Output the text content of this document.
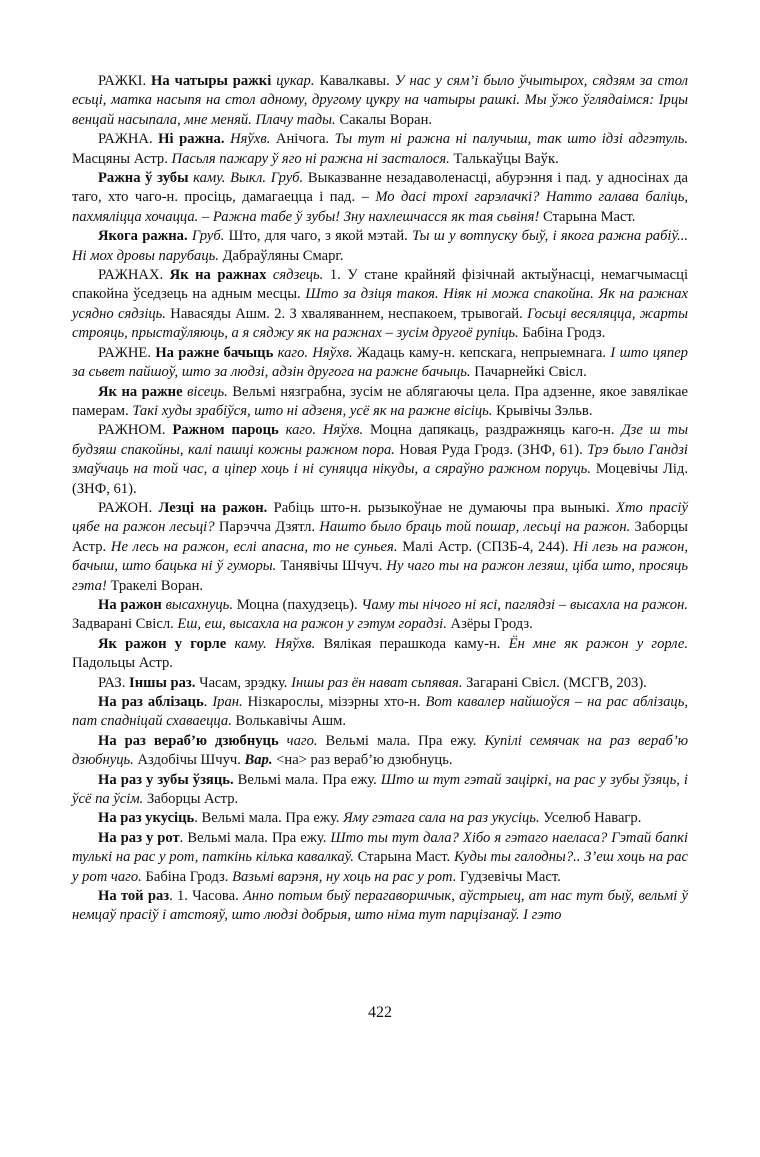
РАЖКІ. На чатыры ражкі цукар. Кавалкавы. У нас у сям’і было ўчытырох, сядзям за стол есьці, матка насыпя на стол адному, другому цукру на чатыры рашкі. Мы ўжо ўглядаімся: Ірцы венцай насыпала, мне меняй. Плачу тады. Сакалы Воран.

РАЖНА. Ні ражна. Няўхв. Анічога. Ты тут ні ражна ні палучыш, так што ідзі адгэтуль. Масцяны Астр. Пасьля пажару ў яго ні ражна ні засталося. Талькаўцы Ваўк.

Ражна ў зубы каму. Выкл. Груб. Выказванне незадаволенасці, абурэння і пад. у адносінах да таго, хто чаго-н. просіць, дамагаецца і пад. – Мо дасі трохі гарэлачкі? Натто галава баліць, пахмяліцца хочацца. – Ражна табе ў зубы! Зну нахлешчасся як тая сьвіня! Старына Маст.

Якога ражна. Груб. Што, для чаго, з якой мэтай. Ты ш у вотпуску быў, і якога ражна рабіў... Ні мох дровы парубаць. Дабраўляны Смарг.

РАЖНАХ. Як на ражнах сядзець. 1. У стане крайняй фізічнай актыўнасці, немагчымасці спакойна ўседзець на адным месцы. Што за дзіця такоя. Ніяк ні можа спакойна. Як на ражнах усядно сядзіць. Навасяды Ашм. 2. З хваляваннем, неспакоем, трывогай. Госьці весяляцца, жарты строяць, прыстаўляюць, а я сяджу як на ражнах – зусім другоё рупіць. Бабіна Гродз.

РАЖНЕ. На ражне бачыць каго. Няўхв. Жадаць каму-н. кепскага, непрыемнага. І што цяпер за сьвет пайшоў, што за людзі, адзін другога на ражне бачыць. Пачарнейкі Свісл.

Як на ражне вісець. Вельмі нязграбна, зусім не аблягаючы цела. Пра адзенне, якое завялікае памерам. Такі худы зрабіўся, што ні адзеня, усё як на ражне вісіць. Крывічы Зэльв.

РАЖНОМ. Ражном пароць каго. Няўхв. Моцна дапякаць, раздражняць каго-н. Дзе ш ты будзяш спакойны, калі пашці кожны ражном пора. Новая Руда Гродз. (ЗНФ, 61). Трэ было Гандзі змаўчаць на той час, а ціпер хоць і ні суняцца нікуды, а сяраўно ражном поруць. Моцевічы Лід. (ЗНФ, 61).

РАЖОН. Лезці на ражон. Рабіць што-н. рызыкоўнае не думаючы пра выныкі. Хто прасіў цябе на ражон лесьці? Парэчча Дзятл. Нашто было браць той пошар, лесьці на ражон. Заборцы Астр. Не лесь на ражон, еслі апасна, то не суньея. Малі Астр. (СПЗБ-4, 244). Ні лезь на ражон, бачыш, што бацька ні ў гуморы. Танявічы Шчуч. Ну чаго ты на ражон лезяш, ціба што, просяць гэта! Тракелі Воран.

На ражон высахнуць. Моцна (пахудзець). Чаму ты нічого ні ясі, паглядзі – высахла на ражон. Задварані Свісл. Еш, еш, высахла на ражон у гэтум горадзі. Азёры Гродз.

Як ражон у горле каму. Няўхв. Вялікая перашкода каму-н. Ён мне як ражон у горле. Падольцы Астр.

РАЗ. Іншы раз. Часам, зрэдку. Іншы раз ён нават сьпявая. Загарані Свісл. (МСГВ, 203).

На раз аблізаць. Іран. Нізкарослы, мізэрны хто-н. Вот кавалер найшоўся – на рас аблізаць, пат спадніцай схаваецца. Волькавічы Ашм.

На раз вераб’ю дзюбнуць чаго. Вельмі мала. Пра ежу. Купілі семячак на раз вераб’ю дзюбнуць. Аздобічы Шчуч. Вар. <на> раз вераб’ю дзюбнуць.

На раз у зубы ўзяць. Вельмі мала. Пра ежу. Што ш тут гэтай заціркі, на рас у зубы ўзяць, і ўсё па ўсім. Заборцы Астр.

На раз укусіць. Вельмі мала. Пра ежу. Яму гэтага сала на раз укусіць. Уселюб Навагр.

На раз у рот. Вельмі мала. Пра ежу. Што ты тут дала? Хібо я гэтаго наеласа? Гэтай бапкі тулькі на рас у рот, паткінь кілька кавалкаў. Старына Маст. Куды ты галодны?.. З’еш хоць на рас у рот чаго. Бабіна Гродз. Вазьмі варэня, ну хоць на рас у рот. Гудзевічы Маст.

На той раз. 1. Часова. Анно потым быў перагаворшчык, аўстрыец, ат нас тут быў, вельмі ў немцаў прасіў і атстояў, што людзі добрыя, што німа тут парцізанаў. І гэто

422
